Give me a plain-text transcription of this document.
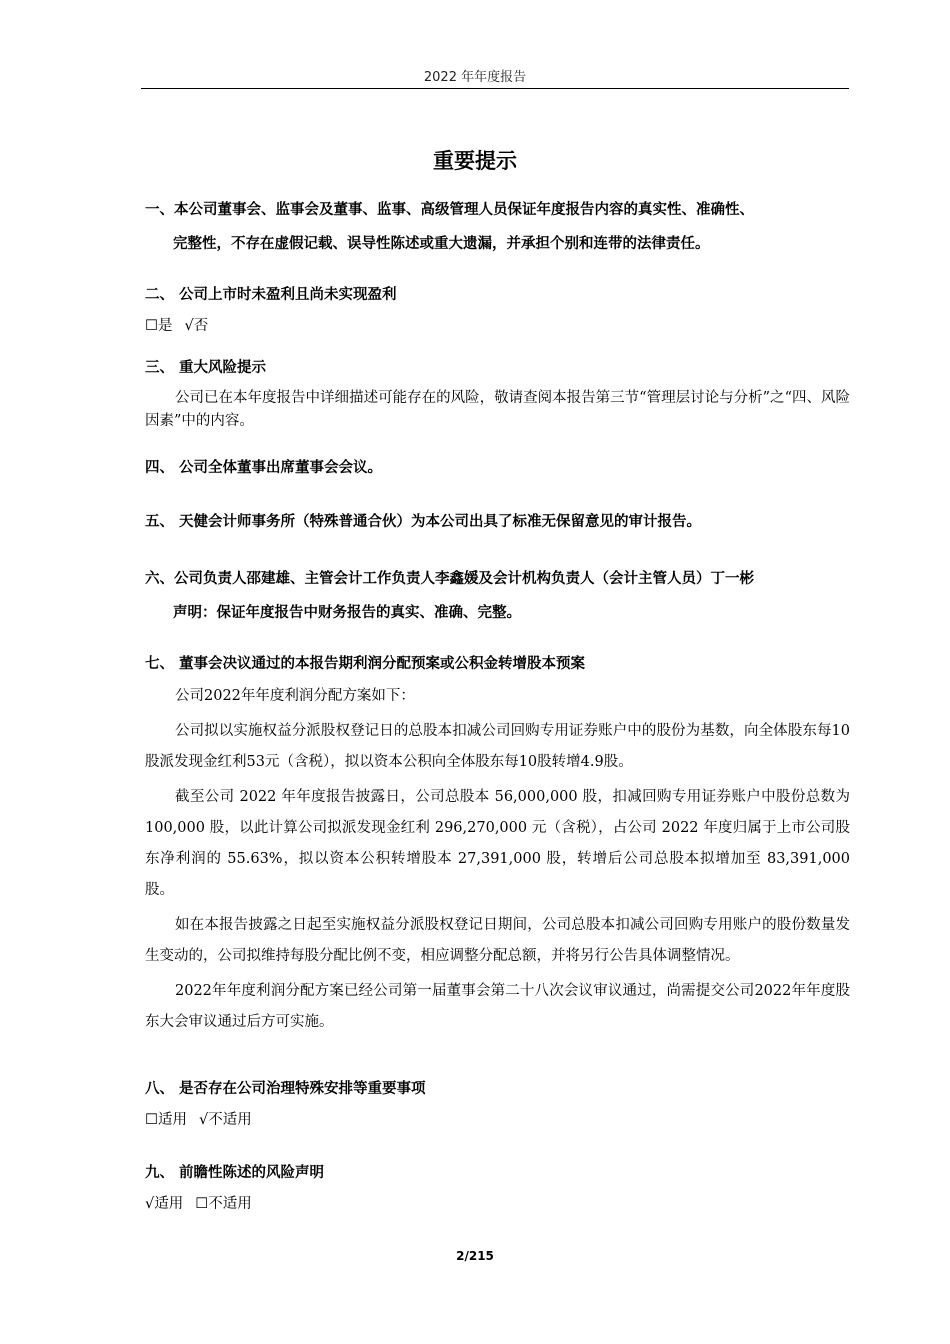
2022 年年度报告
重要提示
一、本公司董事会、监事会及董事、监事、高级管理人员保证年度报告内容的真实性、准确性、
完整性，不存在虚假记载、误导性陈述或重大遗漏，并承担个别和连带的法律责任。
二、 公司上市时未盈利且尚未实现盈利
☐是 √否
三、 重大风险提示
公司已在本年度报告中详细描述可能存在的风险，敬请查阅本报告第三节“管理层讨论与分析”之“四、风险因素”中的内容。
四、 公司全体董事出席董事会会议。
五、 天健会计师事务所（特殊普通合伙）为本公司出具了标准无保留意见的审计报告。
六、公司负责人邵建雄、主管会计工作负责人李鑫媛及会计机构负责人（会计主管人员）丁一彬
声明：保证年度报告中财务报告的真实、准确、完整。
七、 董事会决议通过的本报告期利润分配预案或公积金转增股本预案
公司2022年年度利润分配方案如下：
公司拟以实施权益分派股权登记日的总股本扣减公司回购专用证券账户中的股份为基数，向全体股东每10股派发现金红利53元（含税），拟以资本公积向全体股东每10股转增4.9股。
截至公司 2022 年年度报告披露日，公司总股本 56,000,000 股，扣减回购专用证券账户中股份总数为 100,000 股，以此计算公司拟派发现金红利 296,270,000 元（含税），占公司 2022 年度归属于上市公司股东净利润的 55.63%，拟以资本公积转增股本 27,391,000 股，转增后公司总股本拟增加至 83,391,000 股。
如在本报告披露之日起至实施权益分派股权登记日期间，公司总股本扣减公司回购专用账户的股份数量发生变动的，公司拟维持每股分配比例不变，相应调整分配总额，并将另行公告具体调整情况。
2022年年度利润分配方案已经公司第一届董事会第二十八次会议审议通过，尚需提交公司2022年年度股东大会审议通过后方可实施。
八、 是否存在公司治理特殊安排等重要事项
☐适用 √不适用
九、 前瞻性陈述的风险声明
√适用 ☐不适用
2/215
